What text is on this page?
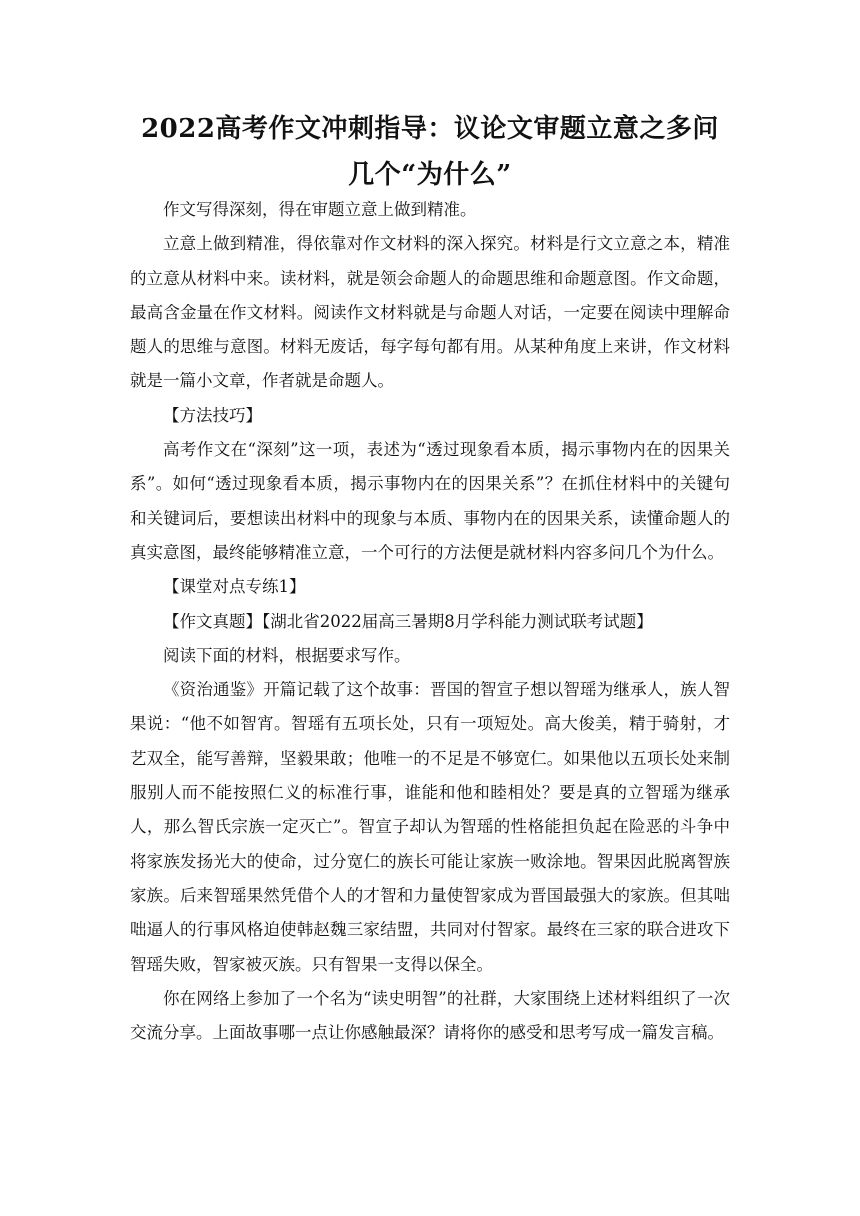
2022高考作文冲刺指导：议论文审题立意之多问
几个“为什么”

作文写得深刻，得在审题立意上做到精准。

立意上做到精准，得依靠对作文材料的深入探究。材料是行文立意之本，精准的立意从材料中来。读材料，就是领会命题人的命题思维和命题意图。作文命题，最高含金量在作文材料。阅读作文材料就是与命题人对话，一定要在阅读中理解命题人的思维与意图。材料无废话，每字每句都有用。从某种角度上来讲，作文材料就是一篇小文章，作者就是命题人。

【方法技巧】

高考作文在“深刻”这一项，表述为“透过现象看本质，揭示事物内在的因果关系”。如何“透过现象看本质，揭示事物内在的因果关系”？在抓住材料中的关键句和关键词后，要想读出材料中的现象与本质、事物内在的因果关系，读懂命题人的真实意图，最终能够精准立意，一个可行的方法便是就材料内容多问几个为什么。

【课堂对点专练1】

【作文真题】【湖北省2022届高三暑期8月学科能力测试联考试题】

阅读下面的材料，根据要求写作。

《资治通鉴》开篇记载了这个故事：晋国的智宣子想以智瑶为继承人，族人智果说：“他不如智宵。智瑶有五项长处，只有一项短处。高大俊美，精于骑射，才艺双全，能写善辩，坚毅果敢；他唯一的不足是不够宽仁。如果他以五项长处来制服别人而不能按照仁义的标准行事，谁能和他和睦相处？要是真的立智瑶为继承人，那么智氏宗族一定灭亡”。智宣子却认为智瑶的性格能担负起在险恶的斗争中将家族发扬光大的使命，过分宽仁的族长可能让家族一败涂地。智果因此脱离智族家族。后来智瑶果然凭借个人的才智和力量使智家成为晋国最强大的家族。但其咄咄逼人的行事风格迫使韩赵魏三家结盟，共同对付智家。最终在三家的联合进攻下智瑶失败，智家被灭族。只有智果一支得以保全。

你在网络上参加了一个名为“读史明智”的社群，大家围绕上述材料组织了一次交流分享。上面故事哪一点让你感触最深？请将你的感受和思考写成一篇发言稿。
